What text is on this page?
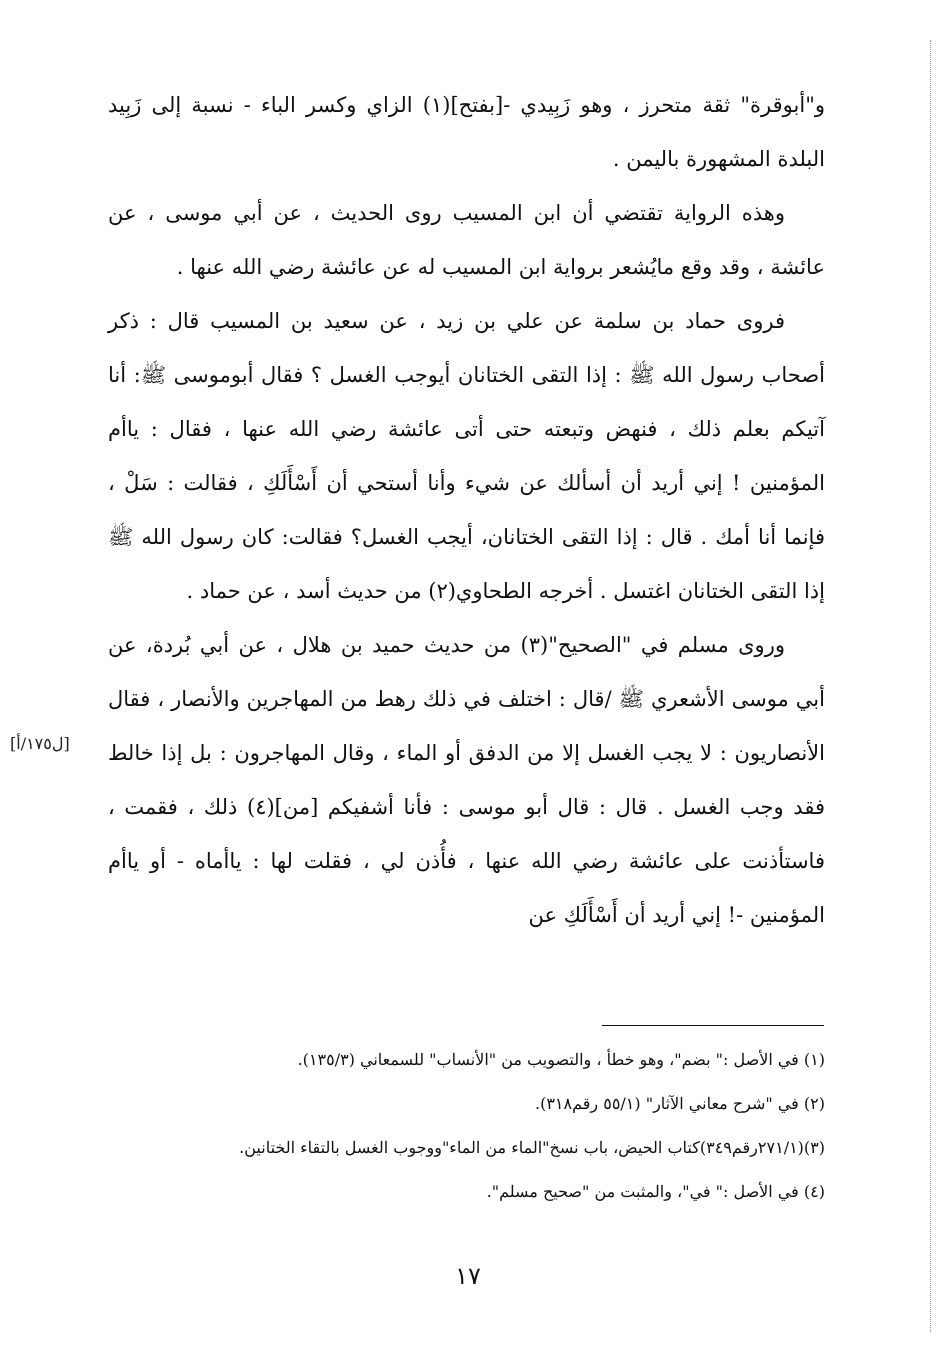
و"أبوقرة" ثقة متحرز ، وهو زَبِيدي -[بفتح](١) الزاي وكسر الباء - نسبة إلى زَبِيد البلدة المشهورة باليمن .

وهذه الرواية تقتضي أن ابن المسيب روى الحديث ، عن أبي موسى ، عن عائشة ، وقد وقع مايُشعر برواية ابن المسيب له عن عائشة رضي الله عنها .

فروى حماد بن سلمة عن علي بن زيد ، عن سعيد بن المسيب قال : ذكر أصحاب رسول الله ﷺ : إذا التقى الختانان أيوجب الغسل ؟ فقال أبوموسى ﷺ: أنا آتيكم بعلم ذلك ، فنهض وتبعته حتى أتى عائشة رضي الله عنها ، فقال : ياأم المؤمنين ! إني أريد أن أسألك عن شيء وأنا أستحي أن أَسْأَلَكِ ، فقالت : سَلْ ، فإنما أنا أمك . قال : إذا التقى الختانان، أيجب الغسل؟ فقالت: كان رسول الله ﷺ إذا التقى الختانان اغتسل . أخرجه الطحاوي(٢) من حديث أسد ، عن حماد .

وروى مسلم في "الصحيح"(٣) من حديث حميد بن هلال ، عن أبي بُردة، عن أبي موسى الأشعري ﷺ /قال : اختلف في ذلك رهط من المهاجرين والأنصار ، فقال الأنصاريون : لا يجب الغسل إلا من الدفق أو الماء ، وقال المهاجرون : بل إذا خالط فقد وجب الغسل . قال : قال أبو موسى : فأنا أشفيكم [من](٤) ذلك ، فقمت ، فاستأذنت على عائشة رضي الله عنها ، فأُذن لي ، فقلت لها : ياأماه - أو ياأم المؤمنين -! إني أريد أن أَسْأَلَكِ عن

[ل١٧٥/أ]

(١) في الأصل :" بضم"، وهو خطأ ، والتصويب من "الأنساب" للسمعاني (١٣٥/٣).

(٢) في "شرح معاني الآثار" (٥٥/١ رقم٣١٨).

(٣)(٢٧١/١رقم٣٤٩)كتاب الحيض، باب نسخ"الماء من الماء"ووجوب الغسل بالتقاء الختانين.

(٤) في الأصل :" في"، والمثبت من "صحيح مسلم".

١٧
